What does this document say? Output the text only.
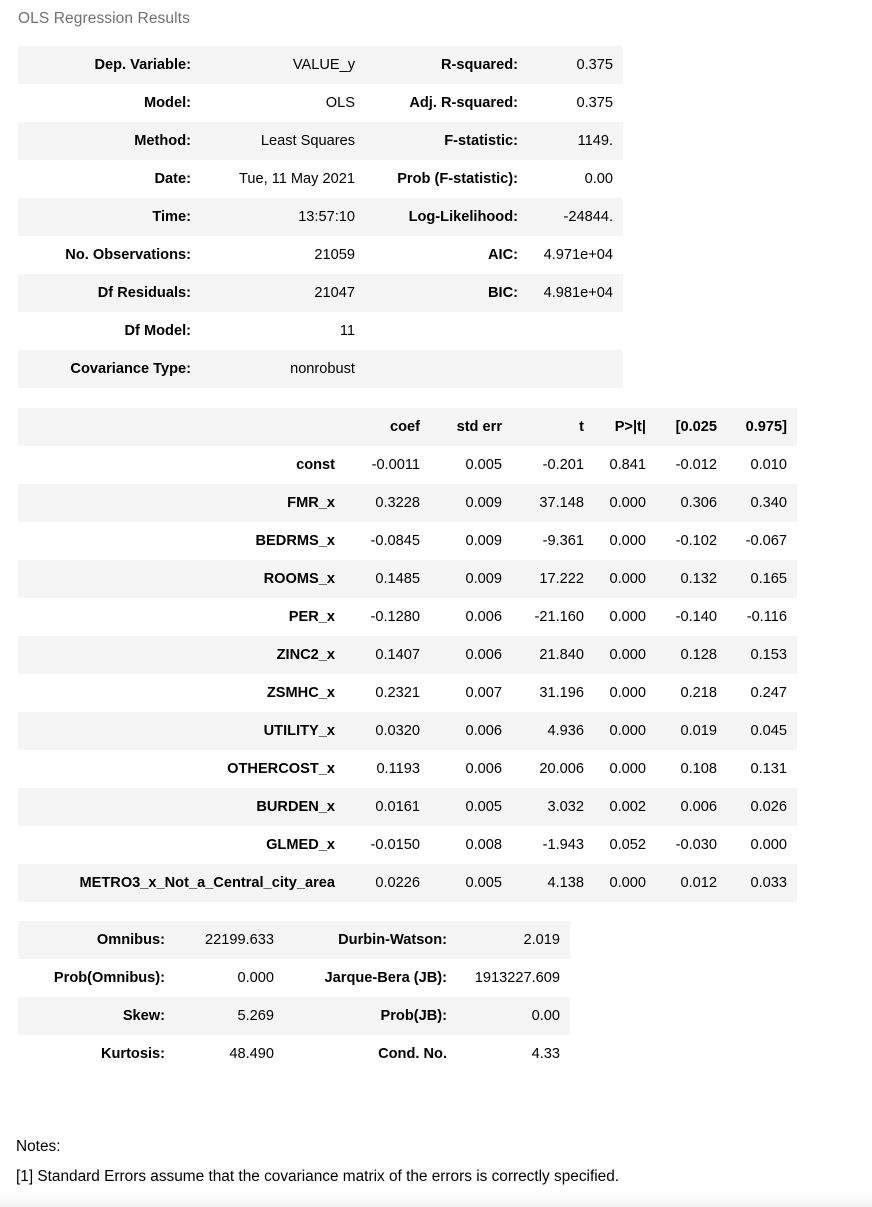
OLS Regression Results
Dep. Variable:	VALUE_y	R-squared:	0.375
Model:	OLS	Adj. R-squared:	0.375
Method:	Least Squares	F-statistic:	1149.
Date:	Tue, 11 May 2021	Prob (F-statistic):	0.00
Time:	13:57:10	Log-Likelihood:	-24844.
No. Observations:	21059	AIC:	4.971e+04
Df Residuals:	21047	BIC:	4.981e+04
Df Model:	11		
Covariance Type:	nonrobust		
	coef	std err	t	P>|t|	[0.025	0.975]
const	-0.0011	0.005	-0.201	0.841	-0.012	0.010
FMR_x	0.3228	0.009	37.148	0.000	0.306	0.340
BEDRMS_x	-0.0845	0.009	-9.361	0.000	-0.102	-0.067
ROOMS_x	0.1485	0.009	17.222	0.000	0.132	0.165
PER_x	-0.1280	0.006	-21.160	0.000	-0.140	-0.116
ZINC2_x	0.1407	0.006	21.840	0.000	0.128	0.153
ZSMHC_x	0.2321	0.007	31.196	0.000	0.218	0.247
UTILITY_x	0.0320	0.006	4.936	0.000	0.019	0.045
OTHERCOST_x	0.1193	0.006	20.006	0.000	0.108	0.131
BURDEN_x	0.0161	0.005	3.032	0.002	0.006	0.026
GLMED_x	-0.0150	0.008	-1.943	0.052	-0.030	0.000
METRO3_x_Not_a_Central_city_area	0.0226	0.005	4.138	0.000	0.012	0.033
Omnibus:	22199.633	Durbin-Watson:	2.019
Prob(Omnibus):	0.000	Jarque-Bera (JB):	1913227.609
Skew:	5.269	Prob(JB):	0.00
Kurtosis:	48.490	Cond. No.	4.33
Notes:
[1] Standard Errors assume that the covariance matrix of the errors is correctly specified.
